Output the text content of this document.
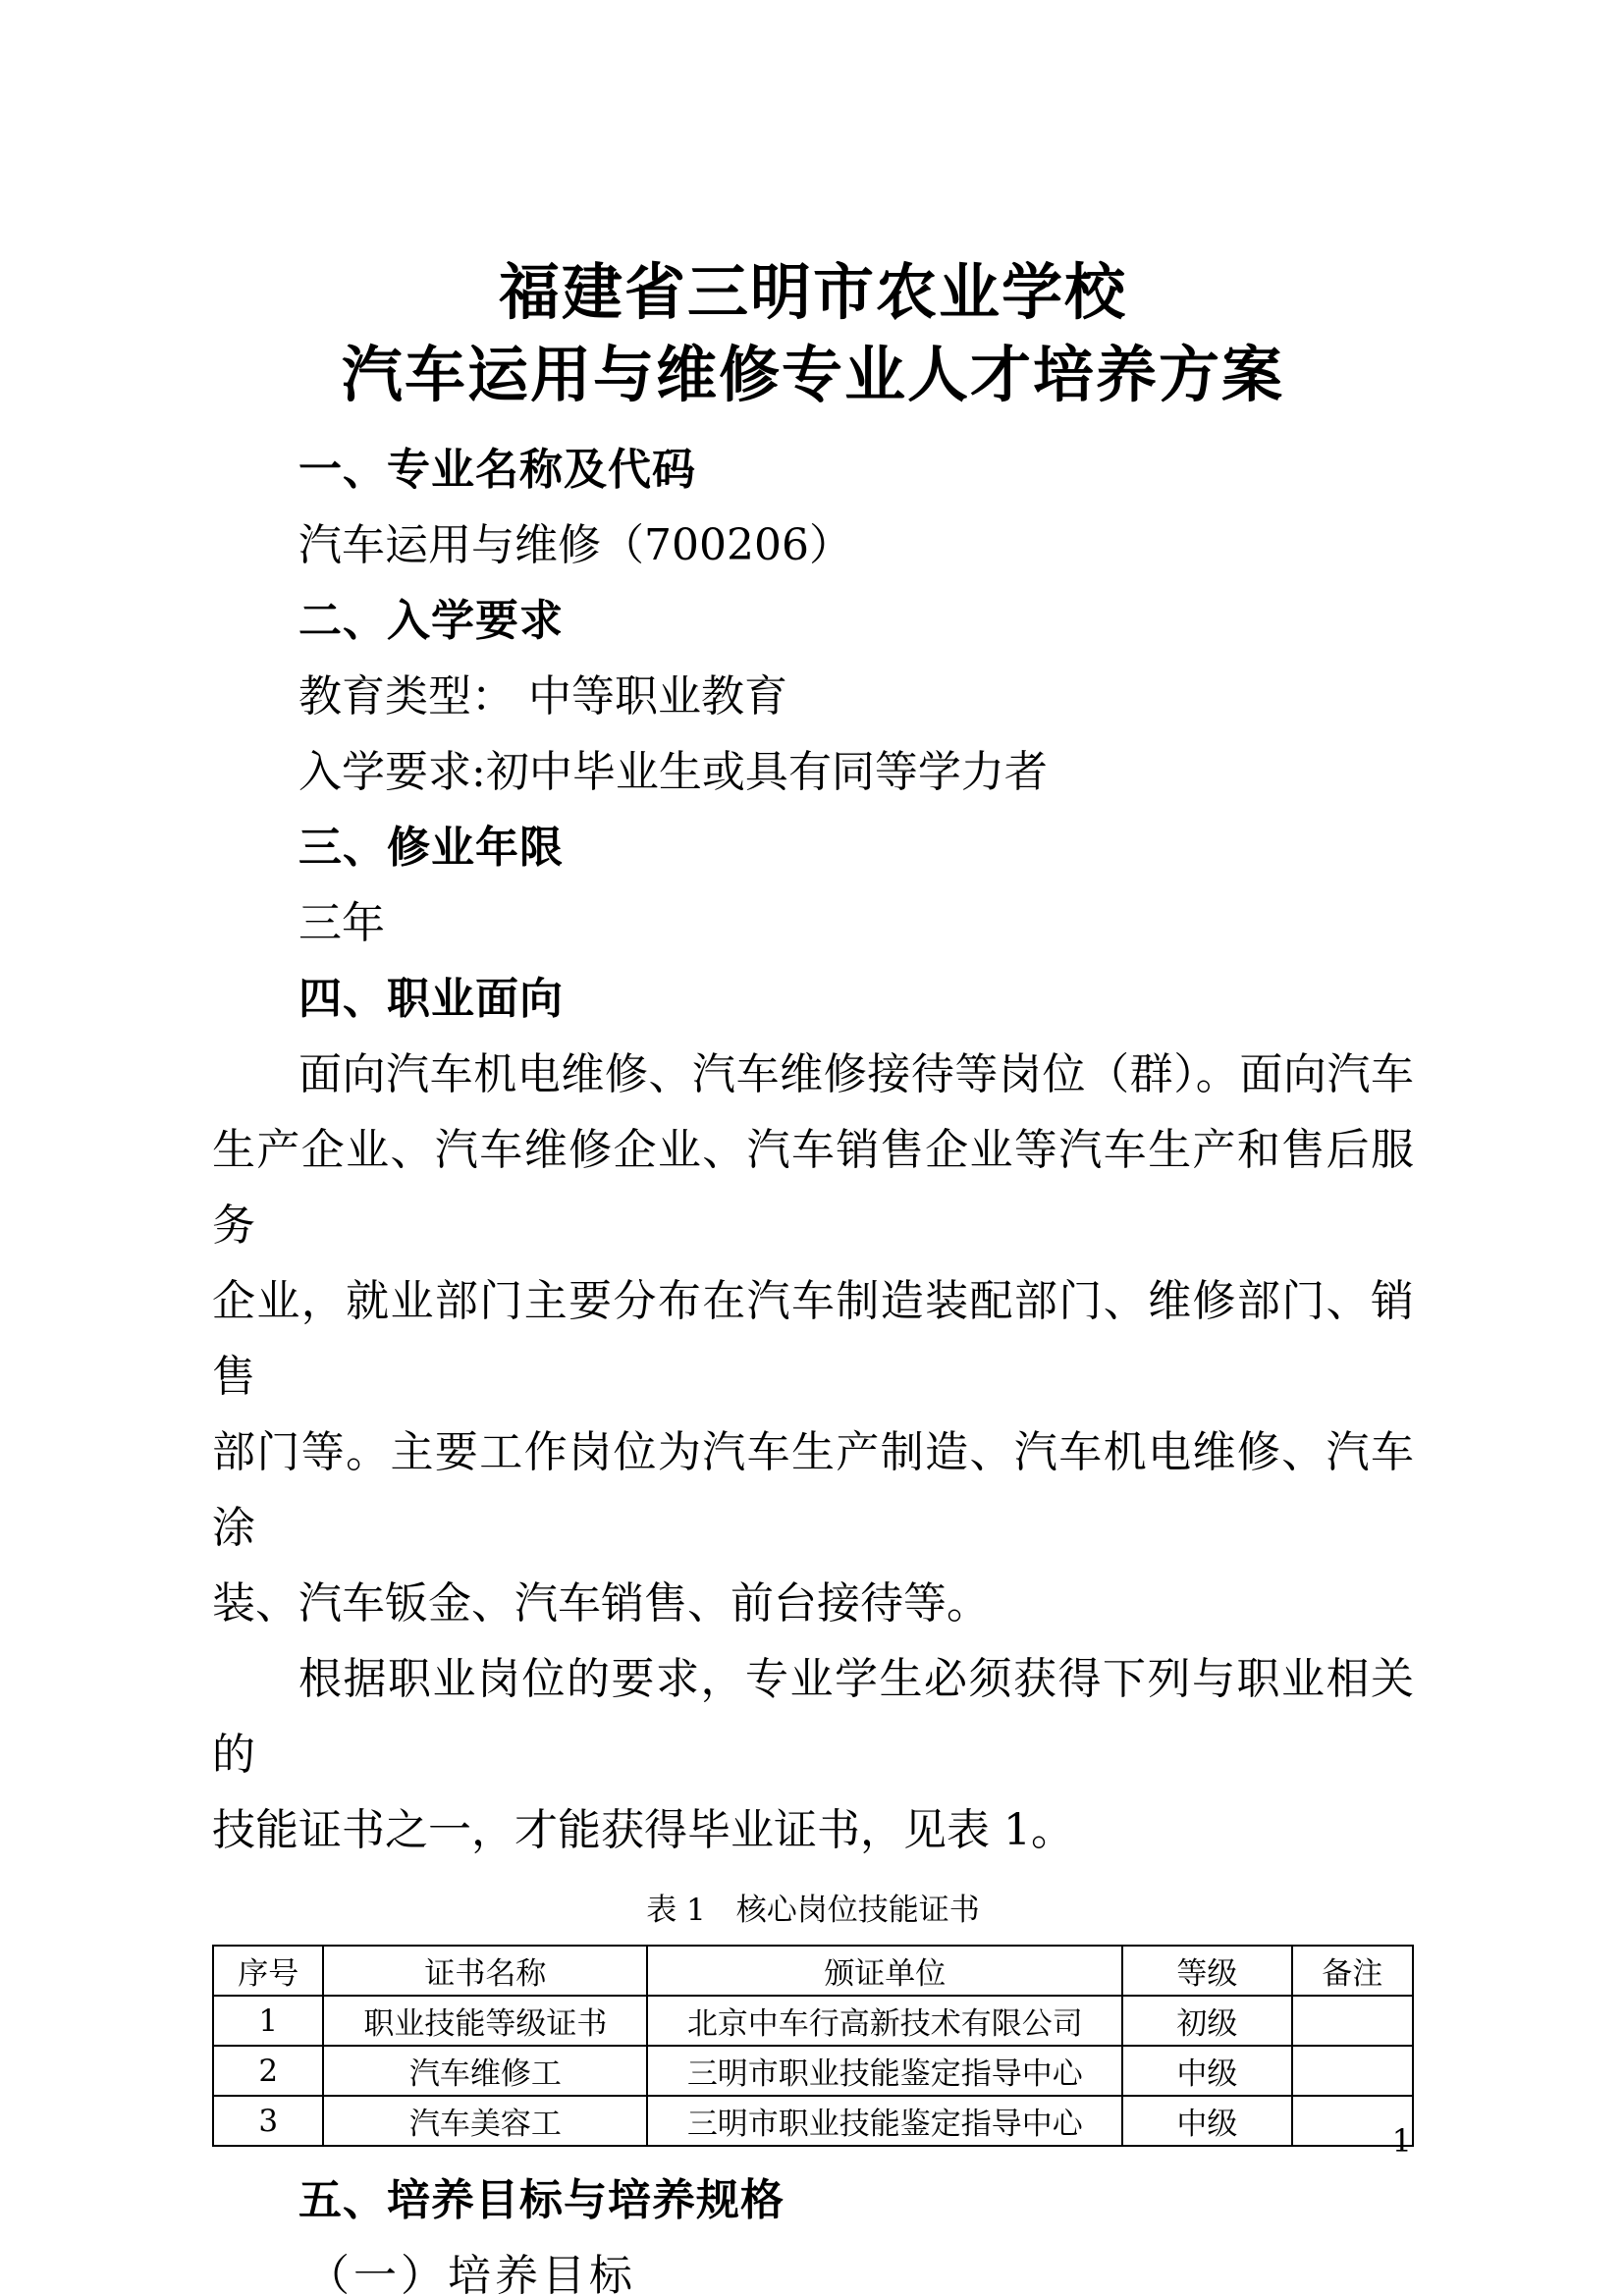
福建省三明市农业学校
汽车运用与维修专业人才培养方案
一、专业名称及代码
汽车运用与维修（700206）
二、入学要求
教育类型： 中等职业教育
入学要求:初中毕业生或具有同等学力者
三、修业年限
三年
四、职业面向
面向汽车机电维修、汽车维修接待等岗位（群）。面向汽车
生产企业、汽车维修企业、汽车销售企业等汽车生产和售后服务
企业，就业部门主要分布在汽车制造装配部门、维修部门、销售
部门等。主要工作岗位为汽车生产制造、汽车机电维修、汽车涂
装、汽车钣金、汽车销售、前台接待等。
根据职业岗位的要求，专业学生必须获得下列与职业相关的
技能证书之一，才能获得毕业证书，见表 1。
表 1　核心岗位技能证书
序号	证书名称	颁证单位	等级	备注
1	职业技能等级证书	北京中车行高新技术有限公司	初级	
2	汽车维修工	三明市职业技能鉴定指导中心	中级	
3	汽车美容工	三明市职业技能鉴定指导中心	中级	
五、培养目标与培养规格
（一）培养目标
1
